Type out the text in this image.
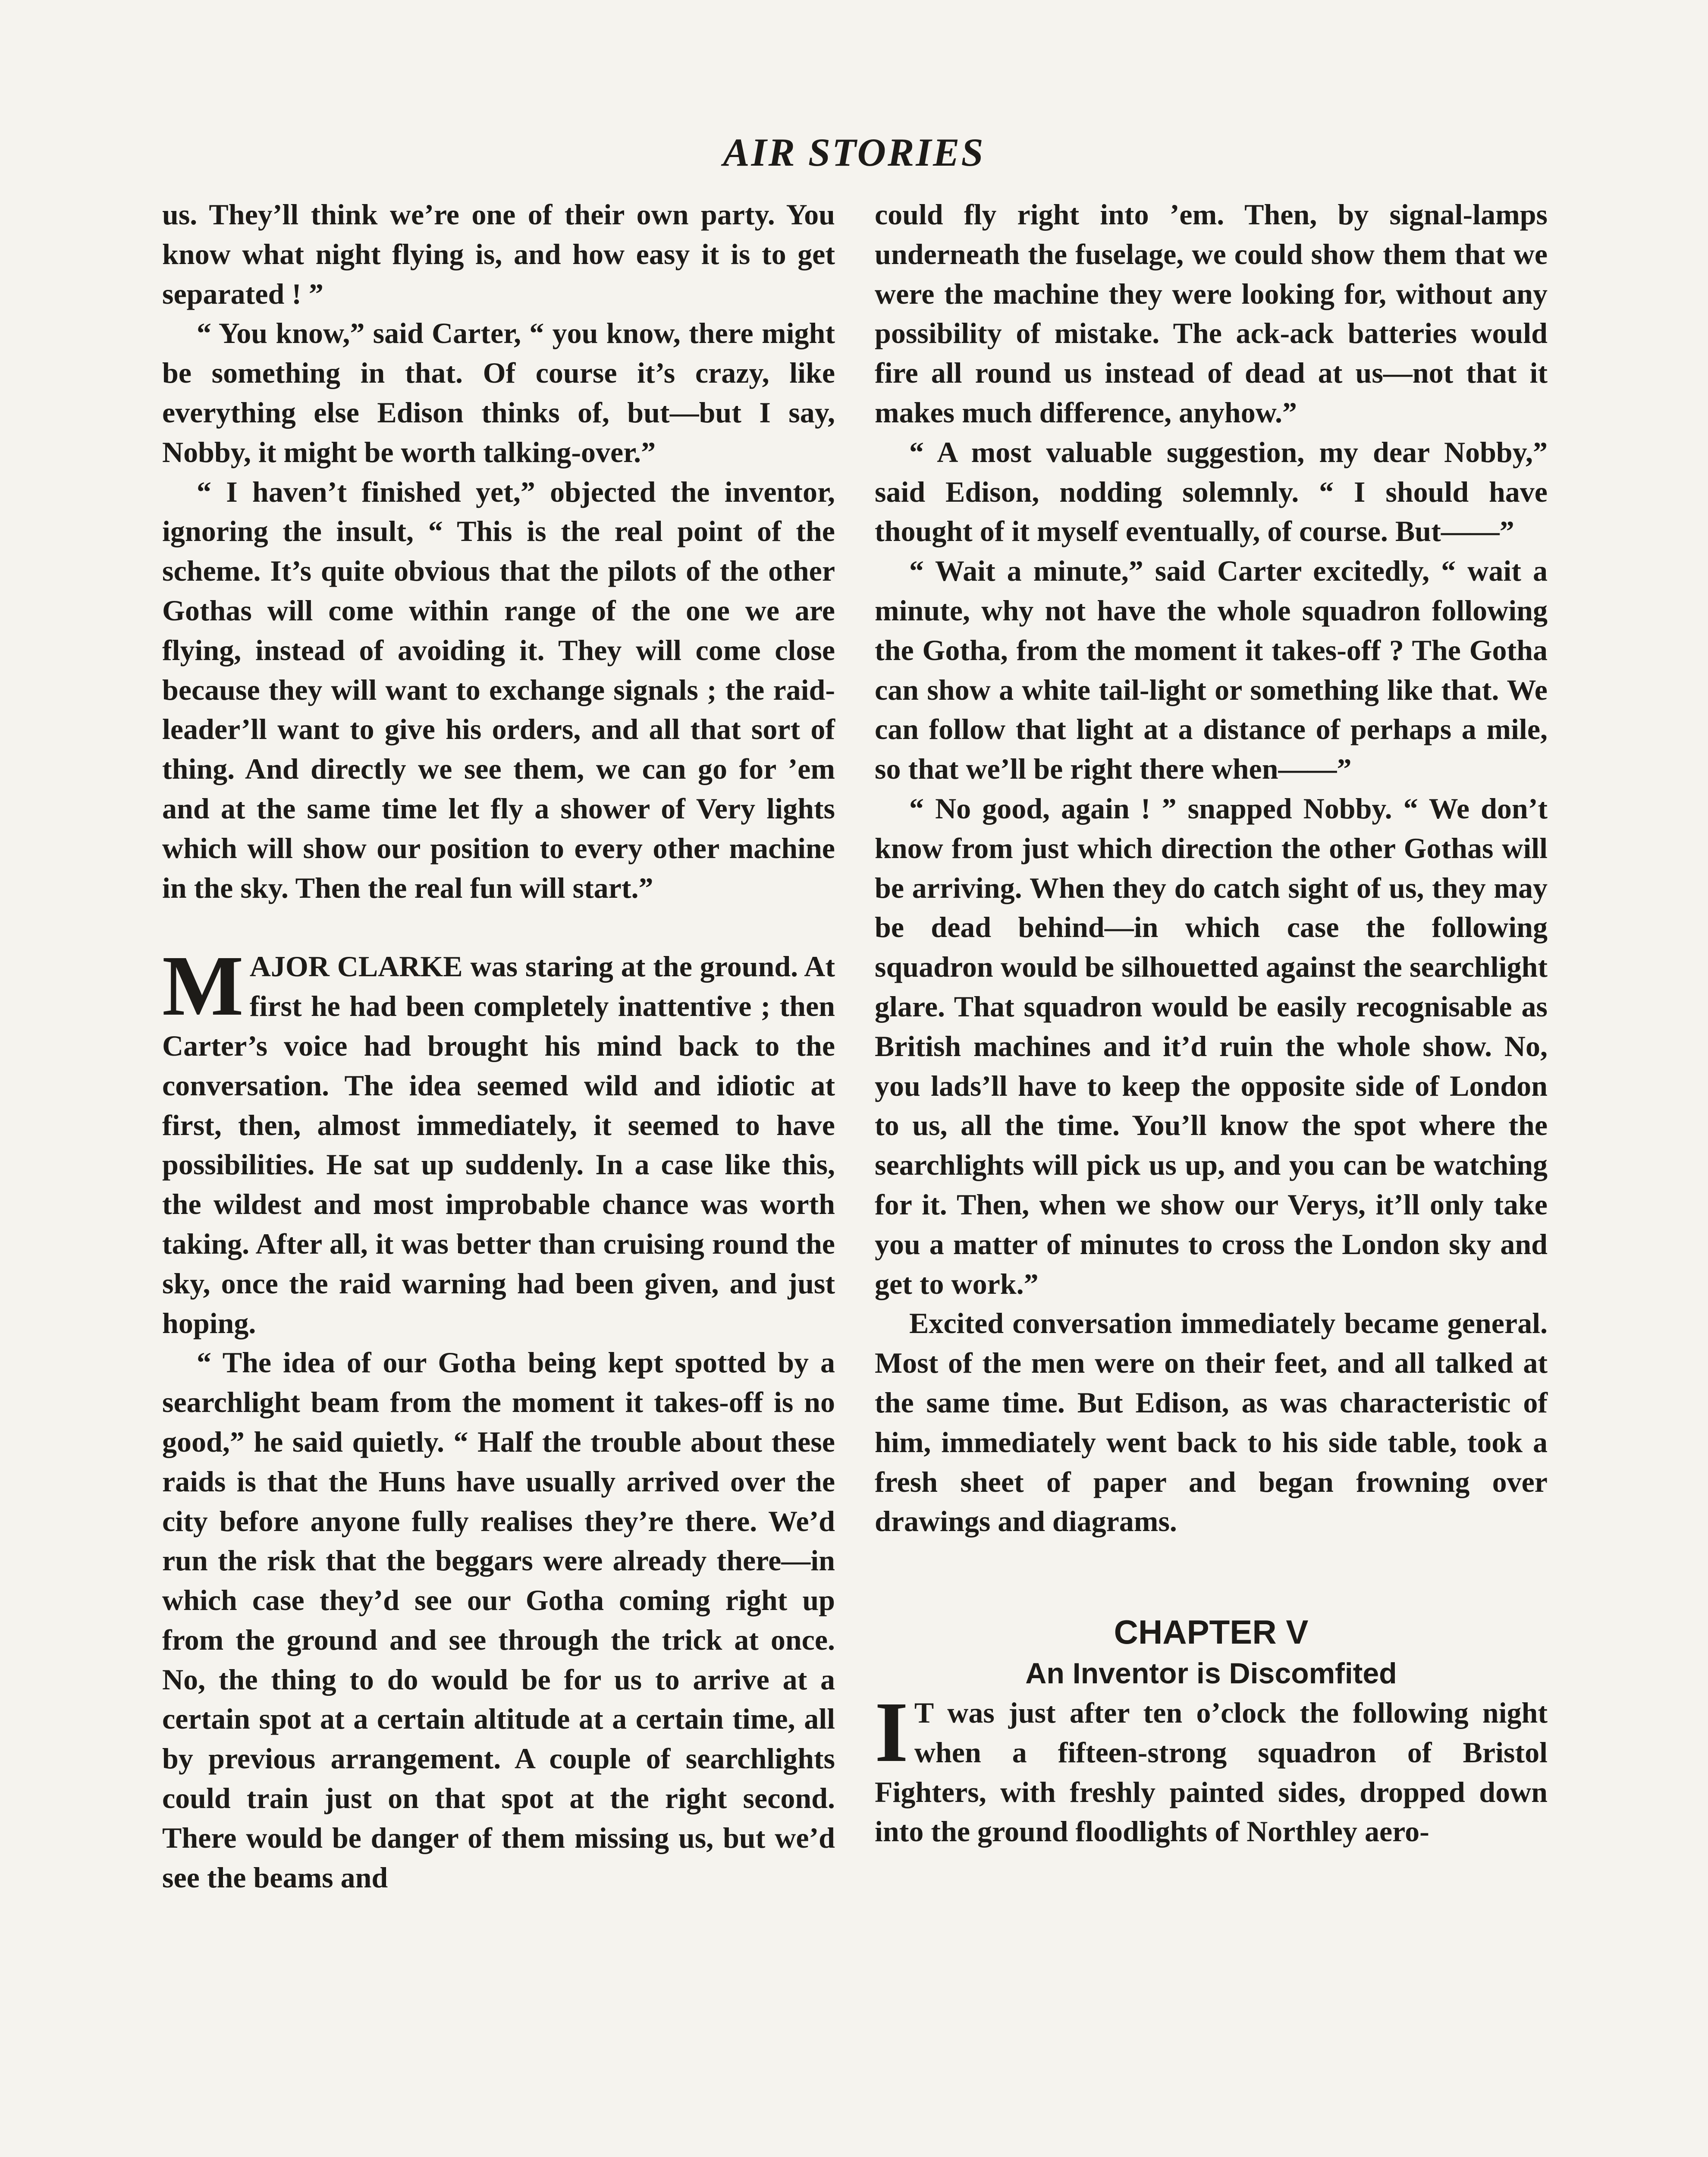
AIR STORIES

us. They’ll think we’re one of their own party. You know what night flying is, and how easy it is to get separated ! ”

“ You know,” said Carter, “ you know, there might be something in that. Of course it’s crazy, like everything else Edison thinks of, but—but I say, Nobby, it might be worth talking-over.”

“ I haven’t finished yet,” objected the inventor, ignoring the insult, “ This is the real point of the scheme. It’s quite obvious that the pilots of the other Gothas will come within range of the one we are flying, instead of avoiding it. They will come close because they will want to exchange signals ; the raid-leader’ll want to give his orders, and all that sort of thing. And directly we see them, we can go for ’em and at the same time let fly a shower of Very lights which will show our position to every other machine in the sky. Then the real fun will start.”

MAJOR CLARKE was staring at the ground. At first he had been completely inattentive ; then Carter’s voice had brought his mind back to the conversation. The idea seemed wild and idiotic at first, then, almost immediately, it seemed to have possibilities. He sat up suddenly. In a case like this, the wildest and most improbable chance was worth taking. After all, it was better than cruising round the sky, once the raid warning had been given, and just hoping.

“ The idea of our Gotha being kept spotted by a searchlight beam from the moment it takes-off is no good,” he said quietly. “ Half the trouble about these raids is that the Huns have usually arrived over the city before anyone fully realises they’re there. We’d run the risk that the beggars were already there—in which case they’d see our Gotha coming right up from the ground and see through the trick at once. No, the thing to do would be for us to arrive at a certain spot at a certain altitude at a certain time, all by previous arrangement. A couple of searchlights could train just on that spot at the right second. There would be danger of them missing us, but we’d see the beams and

could fly right into ’em. Then, by signal-lamps underneath the fuselage, we could show them that we were the machine they were looking for, without any possibility of mistake. The ack-ack batteries would fire all round us instead of dead at us—not that it makes much difference, anyhow.”

“ A most valuable suggestion, my dear Nobby,” said Edison, nodding solemnly. “ I should have thought of it myself eventually, of course. But——”

“ Wait a minute,” said Carter excitedly, “ wait a minute, why not have the whole squadron following the Gotha, from the moment it takes-off ? The Gotha can show a white tail-light or something like that. We can follow that light at a distance of perhaps a mile, so that we’ll be right there when——”

“ No good, again ! ” snapped Nobby. “ We don’t know from just which direction the other Gothas will be arriving. When they do catch sight of us, they may be dead behind—in which case the following squadron would be silhouetted against the searchlight glare. That squadron would be easily recognisable as British machines and it’d ruin the whole show. No, you lads’ll have to keep the opposite side of London to us, all the time. You’ll know the spot where the searchlights will pick us up, and you can be watching for it. Then, when we show our Verys, it’ll only take you a matter of minutes to cross the London sky and get to work.”

Excited conversation immediately became general. Most of the men were on their feet, and all talked at the same time. But Edison, as was characteristic of him, immediately went back to his side table, took a fresh sheet of paper and began frowning over drawings and diagrams.

CHAPTER V
An Inventor is Discomfited

I T was just after ten o’clock the following night when a fifteen-strong squadron of Bristol Fighters, with freshly painted sides, dropped down into the ground floodlights of Northley aero-
